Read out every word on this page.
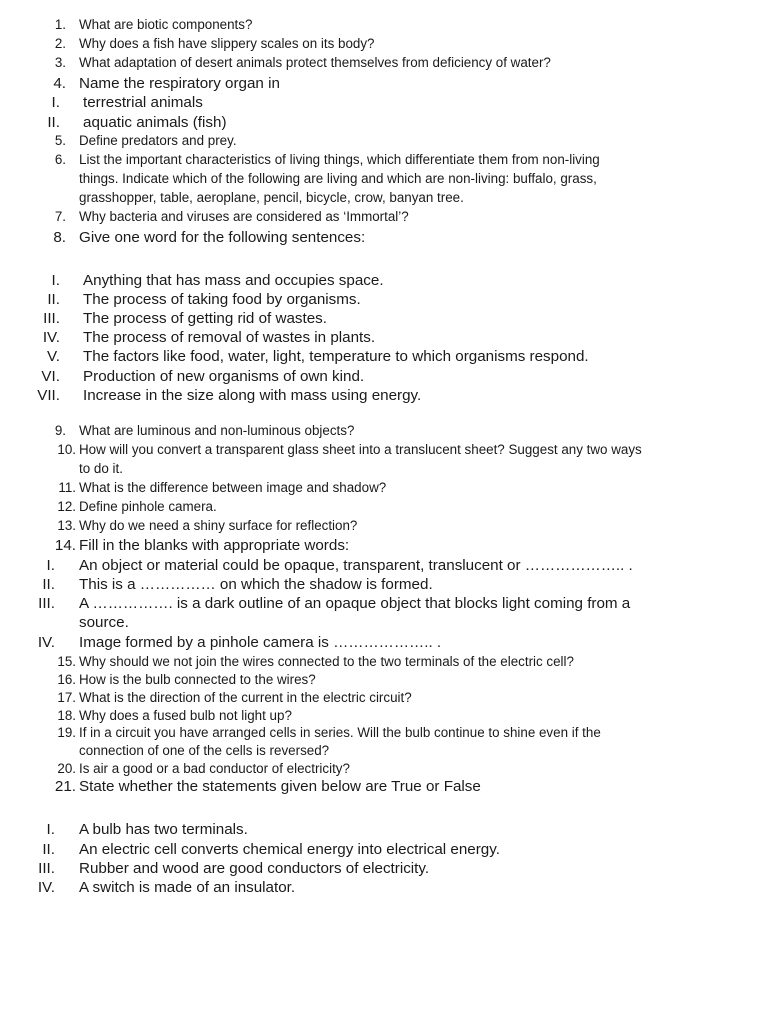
1. What are biotic components?
2. Why does a fish have slippery scales on its body?
3. What adaptation of desert animals protect themselves from deficiency of water?
4. Name the respiratory organ in
I. terrestrial animals
II. aquatic animals (fish)
5. Define predators and prey.
6. List the important characteristics of living things, which differentiate them from non-living
things. Indicate which of the following are living and which are non-living: buffalo, grass,
grasshopper, table, aeroplane, pencil, bicycle, crow, banyan tree.
7. Why bacteria and viruses are considered as ‘Immortal’?
8. Give one word for the following sentences:
I. Anything that has mass and occupies space.
II. The process of taking food by organisms.
III. The process of getting rid of wastes.
IV. The process of removal of wastes in plants.
V. The factors like food, water, light, temperature to which organisms respond.
VI. Production of new organisms of own kind.
VII. Increase in the size along with mass using energy.
9. What are luminous and non-luminous objects?
10. How will you convert a transparent glass sheet into a translucent sheet? Suggest any two ways
to do it.
11. What is the difference between image and shadow?
12. Define pinhole camera.
13. Why do we need a shiny surface for reflection?
14. Fill in the blanks with appropriate words:
I. An object or material could be opaque, transparent, translucent or ……………….. .
II. This is a …………… on which the shadow is formed.
III. A ……………. is a dark outline of an opaque object that blocks light coming from a
source.
IV. Image formed by a pinhole camera is ……………….. .
15. Why should we not join the wires connected to the two terminals of the electric cell?
16. How is the bulb connected to the wires?
17. What is the direction of the current in the electric circuit?
18. Why does a fused bulb not light up?
19. If in a circuit you have arranged cells in series. Will the bulb continue to shine even if the
connection of one of the cells is reversed?
20. Is air a good or a bad conductor of electricity?
21. State whether the statements given below are True or False
I. A bulb has two terminals.
II. An electric cell converts chemical energy into electrical energy.
III. Rubber and wood are good conductors of electricity.
IV. A switch is made of an insulator.
